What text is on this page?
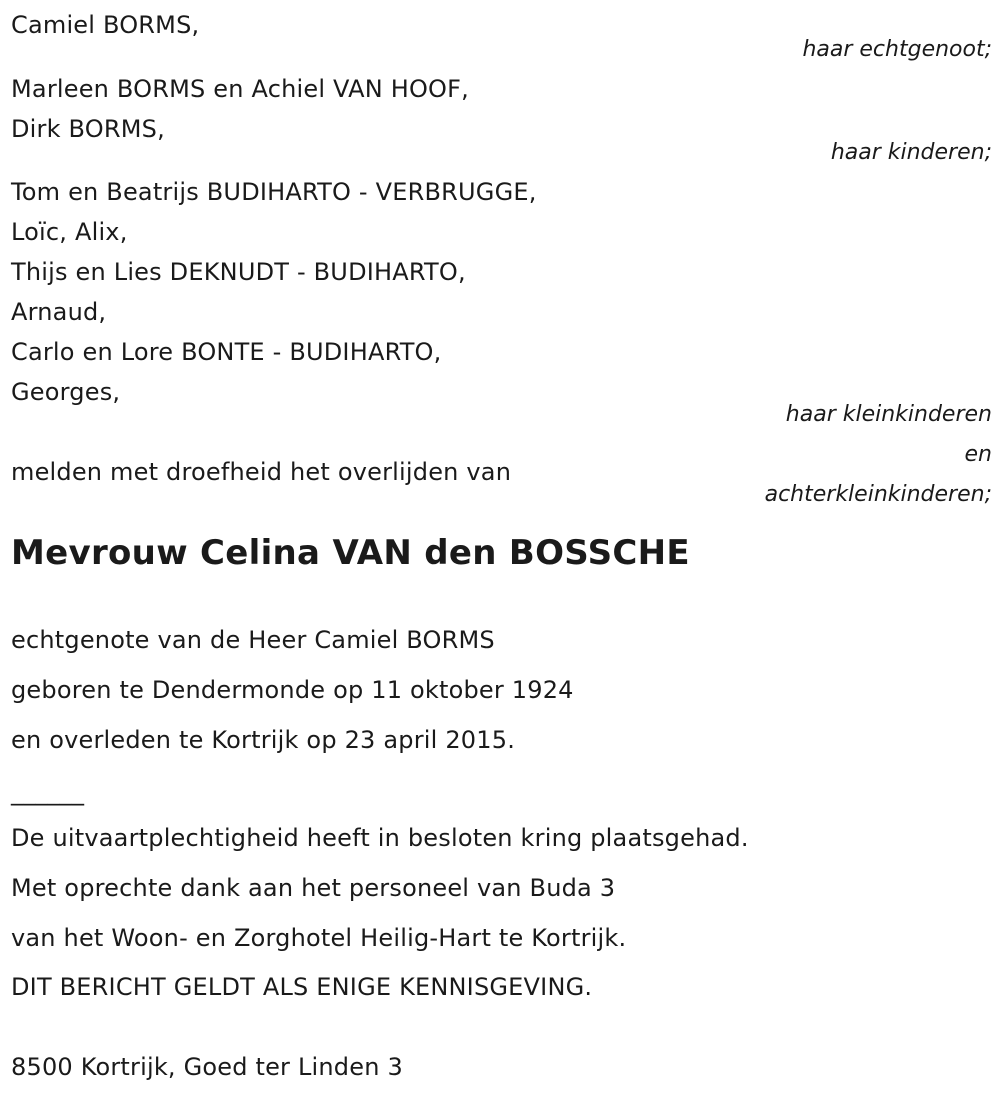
Camiel BORMS,
haar echtgenoot;
Marleen BORMS en Achiel VAN HOOF,
Dirk BORMS,
haar kinderen;
Tom en Beatrijs BUDIHARTO - VERBRUGGE,
Loïc, Alix,
Thijs en Lies DEKNUDT - BUDIHARTO,
Arnaud,
Carlo en Lore BONTE - BUDIHARTO,
Georges,
haar kleinkinderen
en
achterkleinkinderen;
melden met droefheid het overlijden van
Mevrouw Celina VAN den BOSSCHE
echtgenote van de Heer Camiel BORMS
geboren te Dendermonde op 11 oktober 1924
en overleden te Kortrijk op 23 april 2015.
______
De uitvaartplechtigheid heeft in besloten kring plaatsgehad.
Met oprechte dank aan het personeel van Buda 3
van het Woon- en Zorghotel Heilig-Hart te Kortrijk.
DIT BERICHT GELDT ALS ENIGE KENNISGEVING.
8500 Kortrijk, Goed ter Linden 3
